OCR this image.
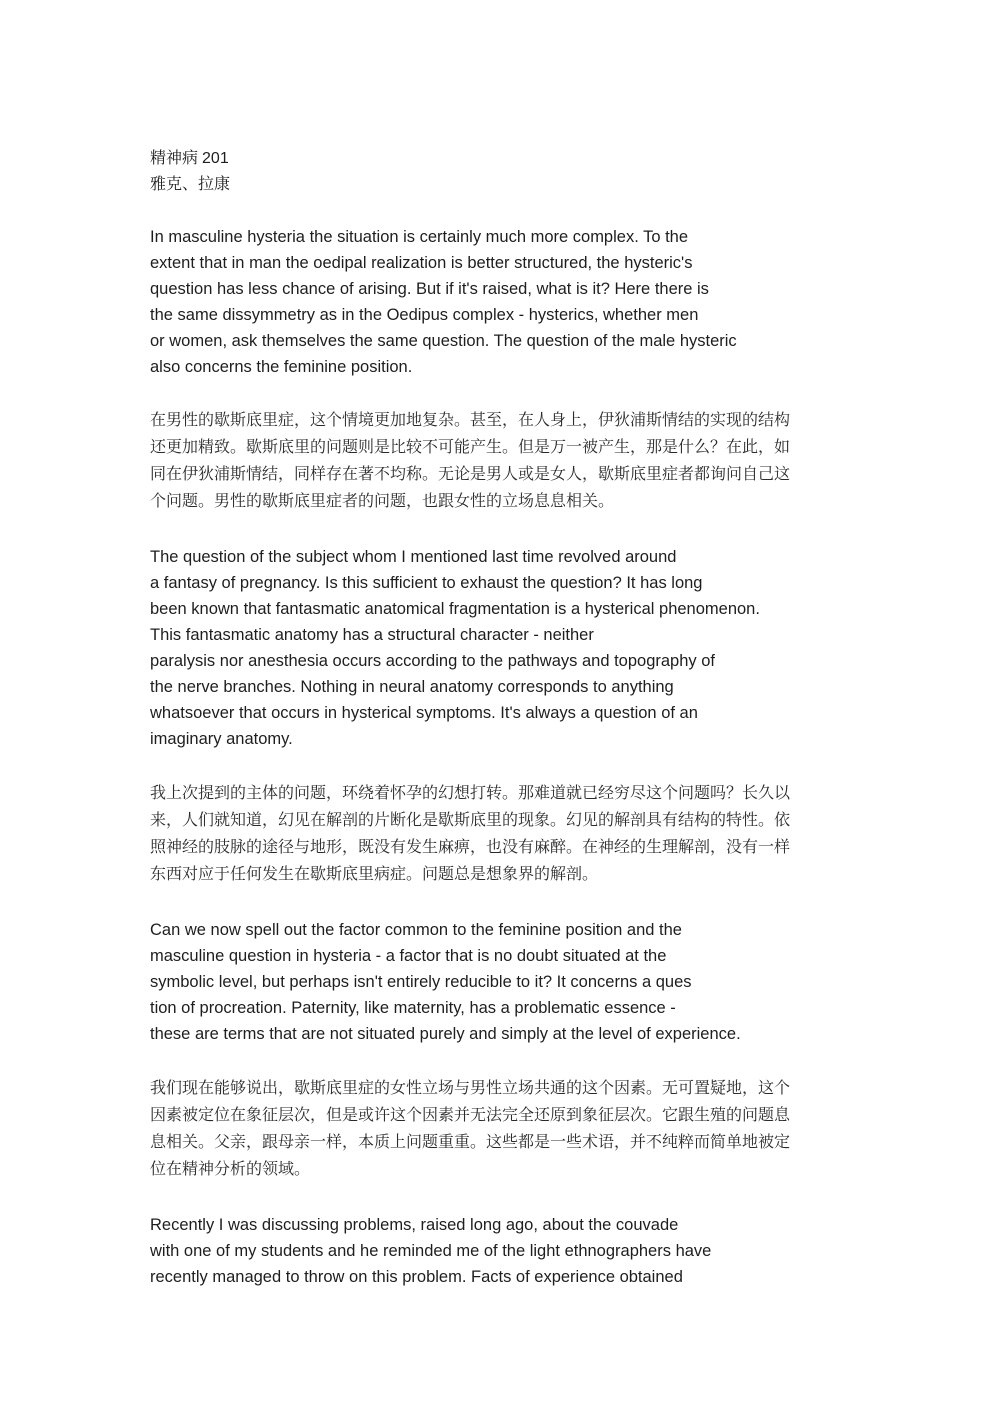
精神病 201
雅克、拉康
In masculine hysteria the situation is certainly much more complex. To the
extent that in man the oedipal realization is better structured, the hysteric's
question has less chance of arising. But if it's raised, what is it? Here there is
the same dissymmetry as in the Oedipus complex - hysterics, whether men
or women, ask themselves the same question. The question of the male hysteric
also concerns the feminine position.
在男性的歇斯底里症，这个情境更加地复杂。甚至，在人身上，伊狄浦斯情结的实现的结构
还更加精致。歇斯底里的问题则是比较不可能产生。但是万一被产生，那是什么？在此，如
同在伊狄浦斯情结，同样存在著不均称。无论是男人或是女人，歇斯底里症者都询问自己这
个问题。男性的歇斯底里症者的问题，也跟女性的立场息息相关。
The question of the subject whom I mentioned last time revolved around
a fantasy of pregnancy. Is this sufficient to exhaust the question? It has long
been known that fantasmatic anatomical fragmentation is a hysterical phenomenon.
This fantasmatic anatomy has a structural character - neither
paralysis nor anesthesia occurs according to the pathways and topography of
the nerve branches. Nothing in neural anatomy corresponds to anything
whatsoever that occurs in hysterical symptoms. It's always a question of an
imaginary anatomy.
我上次提到的主体的问题，环绕着怀孕的幻想打转。那难道就已经穷尽这个问题吗？长久以
来，人们就知道，幻见在解剖的片断化是歇斯底里的现象。幻见的解剖具有结构的特性。依
照神经的肢脉的途径与地形，既没有发生麻痹，也没有麻醉。在神经的生理解剖，没有一样
东西对应于任何发生在歇斯底里病症。问题总是想象界的解剖。
Can we now spell out the factor common to the feminine position and the
masculine question in hysteria - a factor that is no doubt situated at the
symbolic level, but perhaps isn't entirely reducible to it? It concerns a ques
tion of procreation. Paternity, like maternity, has a problematic essence -
these are terms that are not situated purely and simply at the level of experience.
我们现在能够说出，歇斯底里症的女性立场与男性立场共通的这个因素。无可置疑地，这个
因素被定位在象征层次，但是或许这个因素并无法完全还原到象征层次。它跟生殖的问题息
息相关。父亲，跟母亲一样，本质上问题重重。这些都是一些术语，并不纯粹而简单地被定
位在精神分析的领域。
Recently I was discussing problems, raised long ago, about the couvade
with one of my students and he reminded me of the light ethnographers have
recently managed to throw on this problem. Facts of experience obtained
